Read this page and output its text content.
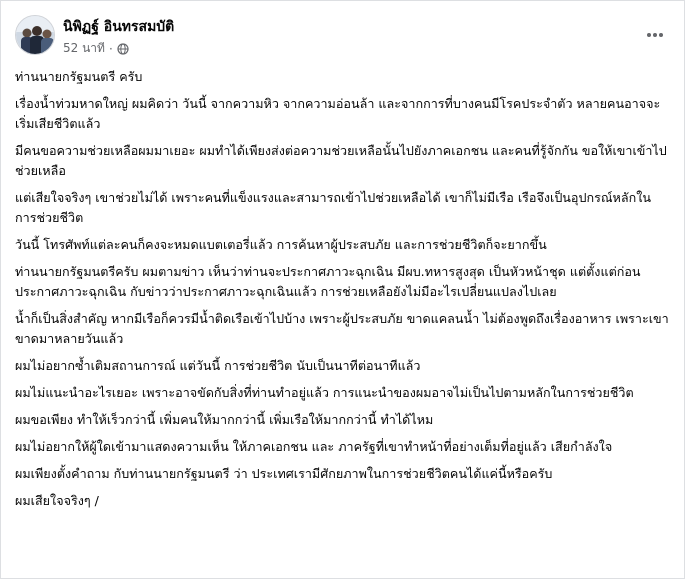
นิพิฏฐ์ อินทรสมบัติ
52 นาที ·

ท่านนายกรัฐมนตรี ครับ

เรื่องน้ำท่วมหาดใหญ่ ผมคิดว่า วันนี้ จากความหิว จากความอ่อนล้า และจากการที่บางคนมีโรคประจำตัว หลายคนอาจจะเริ่มเสียชีวิตแล้ว

มีคนขอความช่วยเหลือผมมาเยอะ ผมทำได้เพียงส่งต่อความช่วยเหลือนั้นไปยังภาคเอกชน และคนที่รู้จักกัน ขอให้เขาเข้าไปช่วยเหลือ

แต่เสียใจจริงๆ เขาช่วยไม่ได้ เพราะคนที่แข็งแรงและสามารถเข้าไปช่วยเหลือได้ เขาก็ไม่มีเรือ เรือจึงเป็นอุปกรณ์หลักในการช่วยชีวิต

วันนี้ โทรศัพท์แต่ละคนก็คงจะหมดแบตเตอรี่แล้ว การค้นหาผู้ประสบภัย และการช่วยชีวิตก็จะยากขึ้น

ท่านนายกรัฐมนตรีครับ ผมตามข่าว เห็นว่าท่านจะประกาศภาวะฉุกเฉิน มีผบ.ทหารสูงสุด เป็นหัวหน้าชุด แต่ตั้งแต่ก่อนประกาศภาวะฉุกเฉิน กับข่าวว่าประกาศภาวะฉุกเฉินแล้ว การช่วยเหลือยังไม่มีอะไรเปลี่ยนแปลงไปเลย

น้ำก็เป็นสิ่งสำคัญ หากมีเรือก็ควรมีน้ำติดเรือเข้าไปบ้าง เพราะผู้ประสบภัย ขาดแคลนน้ำ ไม่ต้องพูดถึงเรื่องอาหาร เพราะเขาขาดมาหลายวันแล้ว

ผมไม่อยากซ้ำเติมสถานการณ์ แต่วันนี้ การช่วยชีวิต นับเป็นนาทีต่อนาทีแล้ว

ผมไม่แนะนำอะไรเยอะ เพราะอาจขัดกับสิ่งที่ท่านทำอยู่แล้ว การแนะนำของผมอาจไม่เป็นไปตามหลักในการช่วยชีวิต

ผมขอเพียง ทำให้เร็วกว่านี้ เพิ่มคนให้มากกว่านี้ เพิ่มเรือให้มากกว่านี้ ทำได้ไหม

ผมไม่อยากให้ผู้ใดเข้ามาแสดงความเห็น ให้ภาคเอกชน และ ภาครัฐที่เขาทำหน้าที่อย่างเต็มที่อยู่แล้ว เสียกำลังใจ

ผมเพียงตั้งคำถาม กับท่านนายกรัฐมนตรี ว่า ประเทศเรามีศักยภาพในการช่วยชีวิตคนได้แค่นี้หรือครับ

ผมเสียใจจริงๆ /
